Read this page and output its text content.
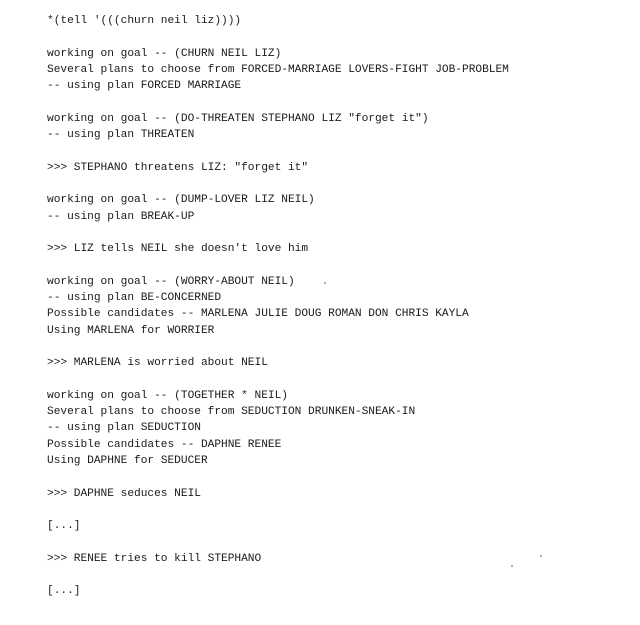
*(tell '(((churn neil liz))))
working on goal -- (CHURN NEIL LIZ)
Several plans to choose from FORCED-MARRIAGE LOVERS-FIGHT JOB-PROBLEM
-- using plan FORCED MARRIAGE
working on goal -- (DO-THREATEN STEPHANO LIZ "forget it")
-- using plan THREATEN
>>> STEPHANO threatens LIZ: "forget it"
working on goal -- (DUMP-LOVER LIZ NEIL)
-- using plan BREAK-UP
>>> LIZ tells NEIL she doesn't love him
working on goal -- (WORRY-ABOUT NEIL)
-- using plan BE-CONCERNED
Possible candidates -- MARLENA JULIE DOUG ROMAN DON CHRIS KAYLA
Using MARLENA for WORRIER
>>> MARLENA is worried about NEIL
working on goal -- (TOGETHER * NEIL)
Several plans to choose from SEDUCTION DRUNKEN-SNEAK-IN
-- using plan SEDUCTION
Possible candidates -- DAPHNE RENEE
Using DAPHNE for SEDUCER
>>> DAPHNE seduces NEIL
[...]
>>> RENEE tries to kill STEPHANO
[...]
